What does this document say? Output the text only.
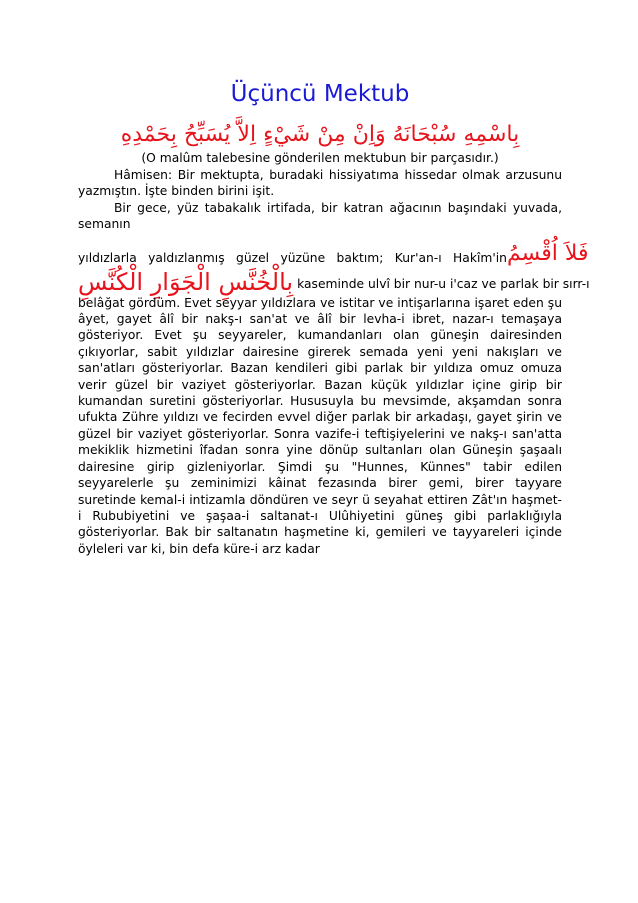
Üçüncü Mektub
بِاسْمِهِ سُبْحَانَهُ وَاِنْ مِنْ شَيْءٍ اِلاَّ يُسَبِّحُ بِحَمْدِهِ
(O malûm talebesine gönderilen mektubun bir parçasıdır.)

Hâmisen: Bir mektupta, buradaki hissiyatıma hissedar olmak arzusunu yazmıştın. İşte binden birini işit.

Bir gece, yüz tabakalık irtifada, bir katran ağacının başındaki yuvada, semanın

yıldızlarla yaldızlanmış güzel yüzüne baktım; Kur'an-ı Hakîm'in فَلاَ اُقْسِمُ
بِالْخُنَّسِ الْجَوَارِ الْكُنَّسِ kaseminde ulvî bir nur-u i'caz ve parlak bir sırr-ı

belâğat gördüm. Evet seyyar yıldızlara ve istitar ve intişarlarına işaret eden şu âyet, gayet âlî bir nakş-ı san'at ve âlî bir levha-i ibret, nazar-ı temaşaya gösteriyor. Evet şu seyyareler, kumandanları olan güneşin dairesinden çıkıyorlar, sabit yıldızlar dairesine girerek semada yeni yeni nakışları ve san'atları gösteriyorlar. Bazan kendileri gibi parlak bir yıldıza omuz omuza verir güzel bir vaziyet gösteriyorlar. Bazan küçük yıldızlar içine girip bir kumandan suretini gösteriyorlar. Hususuyla bu mevsimde, akşamdan sonra ufukta Zühre yıldızı ve fecirden evvel diğer parlak bir arkadaşı, gayet şirin ve güzel bir vaziyet gösteriyorlar. Sonra vazife-i teftişiyelerini ve nakş-ı san'atta mekiklik hizmetini îfadan sonra yine dönüp sultanları olan Güneşin şaşaalı dairesine girip gizleniyorlar. Şimdi şu "Hunnes, Künnes" tabir edilen seyyarelerle şu zeminimizi kâinat fezasında birer gemi, birer tayyare suretinde kemal-i intizamla döndüren ve seyr ü seyahat ettiren Zât'ın haşmet-i Rububiyetini ve şaşaa-i saltanat-ı Ulûhiyetini güneş gibi parlaklığıyla gösteriyorlar. Bak bir saltanatın haşmetine ki, gemileri ve tayyareleri içinde öyleleri var ki, bin defa küre-i arz kadar
